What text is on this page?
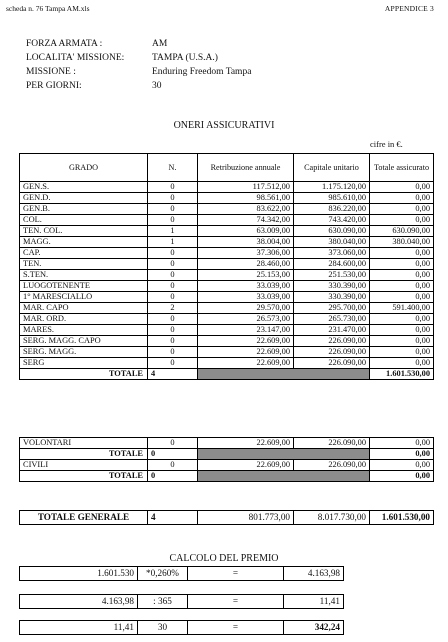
scheda n. 76 Tampa AM.xls	APPENDICE 3
FORZA ARMATA :	AM
LOCALITA' MISSIONE:	TAMPA (U.S.A.)
MISSIONE :	Enduring Freedom Tampa
PER GIORNI:	30
ONERI ASSICURATIVI
cifre in €.
GRADO	N.	Retribuzione annuale	Capitale unitario	Totale assicurato
GEN.S.	0	117.512,00	1.175.120,00	0,00
GEN.D.	0	98.561,00	985.610,00	0,00
GEN.B.	0	83.622,00	836.220,00	0,00
COL.	0	74.342,00	743.420,00	0,00
TEN. COL.	1	63.009,00	630.090,00	630.090,00
MAGG.	1	38.004,00	380.040,00	380.040,00
CAP.	0	37.306,00	373.060,00	0,00
TEN.	0	28.460,00	284.600,00	0,00
S.TEN.	0	25.153,00	251.530,00	0,00
LUOGOTENENTE	0	33.039,00	330.390,00	0,00
1° MARESCIALLO	0	33.039,00	330.390,00	0,00
MAR. CAPO	2	29.570,00	295.700,00	591.400,00
MAR. ORD.	0	26.573,00	265.730,00	0,00
MARES.	0	23.147,00	231.470,00	0,00
SERG. MAGG. CAPO	0	22.609,00	226.090,00	0,00
SERG. MAGG.	0	22.609,00	226.090,00	0,00
SERG	0	22.609,00	226.090,00	0,00
TOTALE	4			1.601.530,00
VOLONTARI	0	22.609,00	226.090,00	0,00
TOTALE	0			0,00
CIVILI	0	22.609,00	226.090,00	0,00
TOTALE	0			0,00
TOTALE GENERALE	4	801.773,00	8.017.730,00	1.601.530,00
CALCOLO DEL PREMIO
1.601.530	*0,260%	=	4.163,98
4.163,98	: 365	=	11,41
11,41	30	=	342,24
